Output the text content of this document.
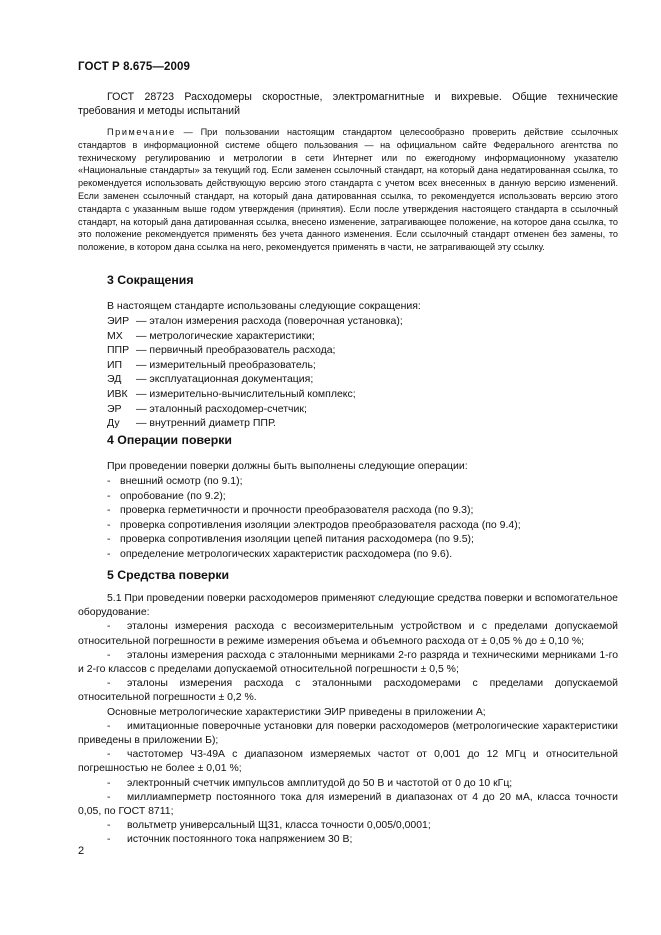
ГОСТ Р 8.675—2009

ГОСТ 28723 Расходомеры скоростные, электромагнитные и вихревые. Общие технические требования и методы испытаний

Примечание — При пользовании настоящим стандартом целесообразно проверить действие ссылочных стандартов в информационной системе общего пользования — на официальном сайте Федерального агентства по техническому регулированию и метрологии в сети Интернет или по ежегодному информационному указателю «Национальные стандарты» за текущий год. Если заменен ссылочный стандарт, на который дана недатированная ссылка, то рекомендуется использовать действующую версию этого стандарта с учетом всех внесенных в данную версию изменений. Если заменен ссылочный стандарт, на который дана датированная ссылка, то рекомендуется использовать версию этого стандарта с указанным выше годом утверждения (принятия). Если после утверждения настоящего стандарта в ссылочный стандарт, на который дана датированная ссылка, внесено изменение, затрагивающее положение, на которое дана ссылка, то это положение рекомендуется применять без учета данного изменения. Если ссылочный стандарт отменен без замены, то положение, в котором дана ссылка на него, рекомендуется применять в части, не затрагивающей эту ссылку.

3 Сокращения

В настоящем стандарте использованы следующие сокращения:

ЭИР — эталон измерения расхода (поверочная установка);
МХ	— метрологические характеристики;
ППР — первичный преобразователь расхода;
ИП	— измерительный преобразователь;
ЭД	— эксплуатационная документация;
ИВК — измерительно-вычислительный комплекс;
ЭР	— эталонный расходомер-счетчик;
Ду	— внутренний диаметр ППР.
4 Операции поверки

При проведении поверки должны быть выполнены следующие операции:

- внешний осмотр (по 9.1);
- опробование (по 9.2);
- проверка герметичности и прочности преобразователя расхода (по 9.3);
- проверка сопротивления изоляции электродов преобразователя расхода (по 9.4);
- проверка сопротивления изоляции цепей питания расходомера (по 9.5);
- определение метрологических характеристик расходомера (по 9.6).
5 Средства поверки

5.1 При проведении поверки расходомеров применяют следующие средства поверки и вспомогательное оборудование:

- эталоны измерения расхода с весоизмерительным устройством и с пределами допускаемой относительной погрешности в режиме измерения объема и объемного расхода от ± 0,05 % до ± 0,10 %;

- эталоны измерения расхода с эталонными мерниками 2-го разряда и техническими мерниками 1-го и 2-го классов с пределами допускаемой относительной погрешности ± 0,5 %;

- эталоны измерения расхода с эталонными расходомерами с пределами допускаемой относительной погрешности ± 0,2 %.

Основные метрологические характеристики ЭИР приведены в приложении А;

- имитационные поверочные установки для поверки расходомеров (метрологические характеристики приведены в приложении Б);

- частотомер Ч3-49А с диапазоном измеряемых частот от 0,001 до 12 МГц и относительной погрешностью не более ± 0,01 %;

- электронный счетчик импульсов амплитудой до 50 В и частотой от 0 до 10 кГц;

- миллиамперметр постоянного тока для измерений в диапазонах от 4 до 20 мА, класса точности 0,05, по ГОСТ 8711;

- вольтметр универсальный Щ31, класса точности 0,005/0,0001;

- источник постоянного тока напряжением 30 В;

2
